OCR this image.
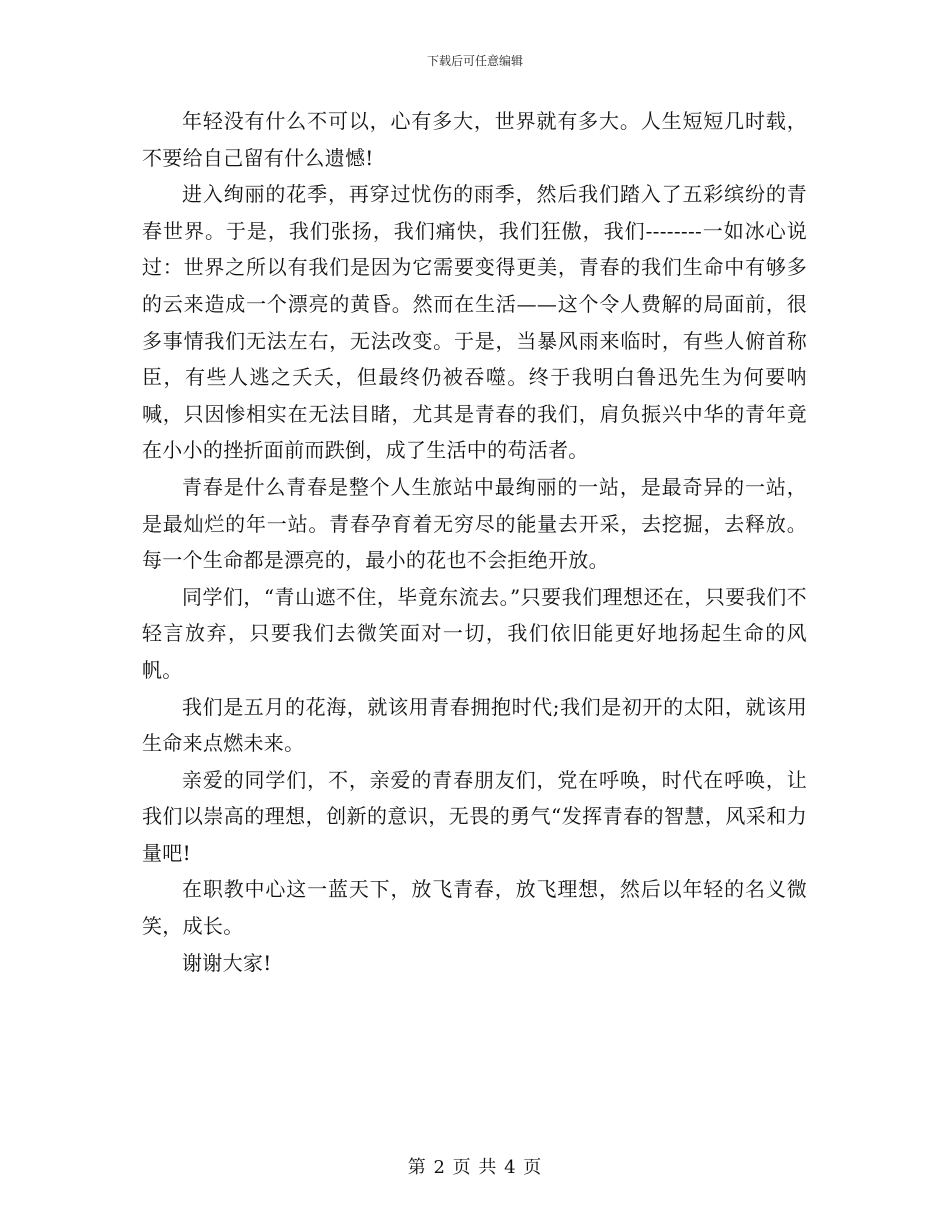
下载后可任意编辑

年轻没有什么不可以，心有多大，世界就有多大。人生短短几时载，不要给自己留有什么遗憾!

进入绚丽的花季，再穿过忧伤的雨季，然后我们踏入了五彩缤纷的青春世界。于是，我们张扬，我们痛快，我们狂傲，我们--------一如冰心说过：世界之所以有我们是因为它需要变得更美，青春的我们生命中有够多的云来造成一个漂亮的黄昏。然而在生活——这个令人费解的局面前，很多事情我们无法左右，无法改变。于是，当暴风雨来临时，有些人俯首称臣，有些人逃之夭夭，但最终仍被吞噬。终于我明白鲁迅先生为何要呐喊，只因惨相实在无法目睹，尤其是青春的我们，肩负振兴中华的青年竟在小小的挫折面前而跌倒，成了生活中的苟活者。

青春是什么青春是整个人生旅站中最绚丽的一站，是最奇异的一站，是最灿烂的年一站。青春孕育着无穷尽的能量去开采，去挖掘，去释放。每一个生命都是漂亮的，最小的花也不会拒绝开放。

同学们，“青山遮不住，毕竟东流去。”只要我们理想还在，只要我们不轻言放弃，只要我们去微笑面对一切，我们依旧能更好地扬起生命的风帆。

我们是五月的花海，就该用青春拥抱时代;我们是初开的太阳，就该用生命来点燃未来。

亲爱的同学们，不，亲爱的青春朋友们，党在呼唤，时代在呼唤，让我们以崇高的理想，创新的意识，无畏的勇气“发挥青春的智慧，风采和力量吧!

在职教中心这一蓝天下，放飞青春，放飞理想，然后以年轻的名义微笑，成长。

谢谢大家!

第 2 页 共 4 页
